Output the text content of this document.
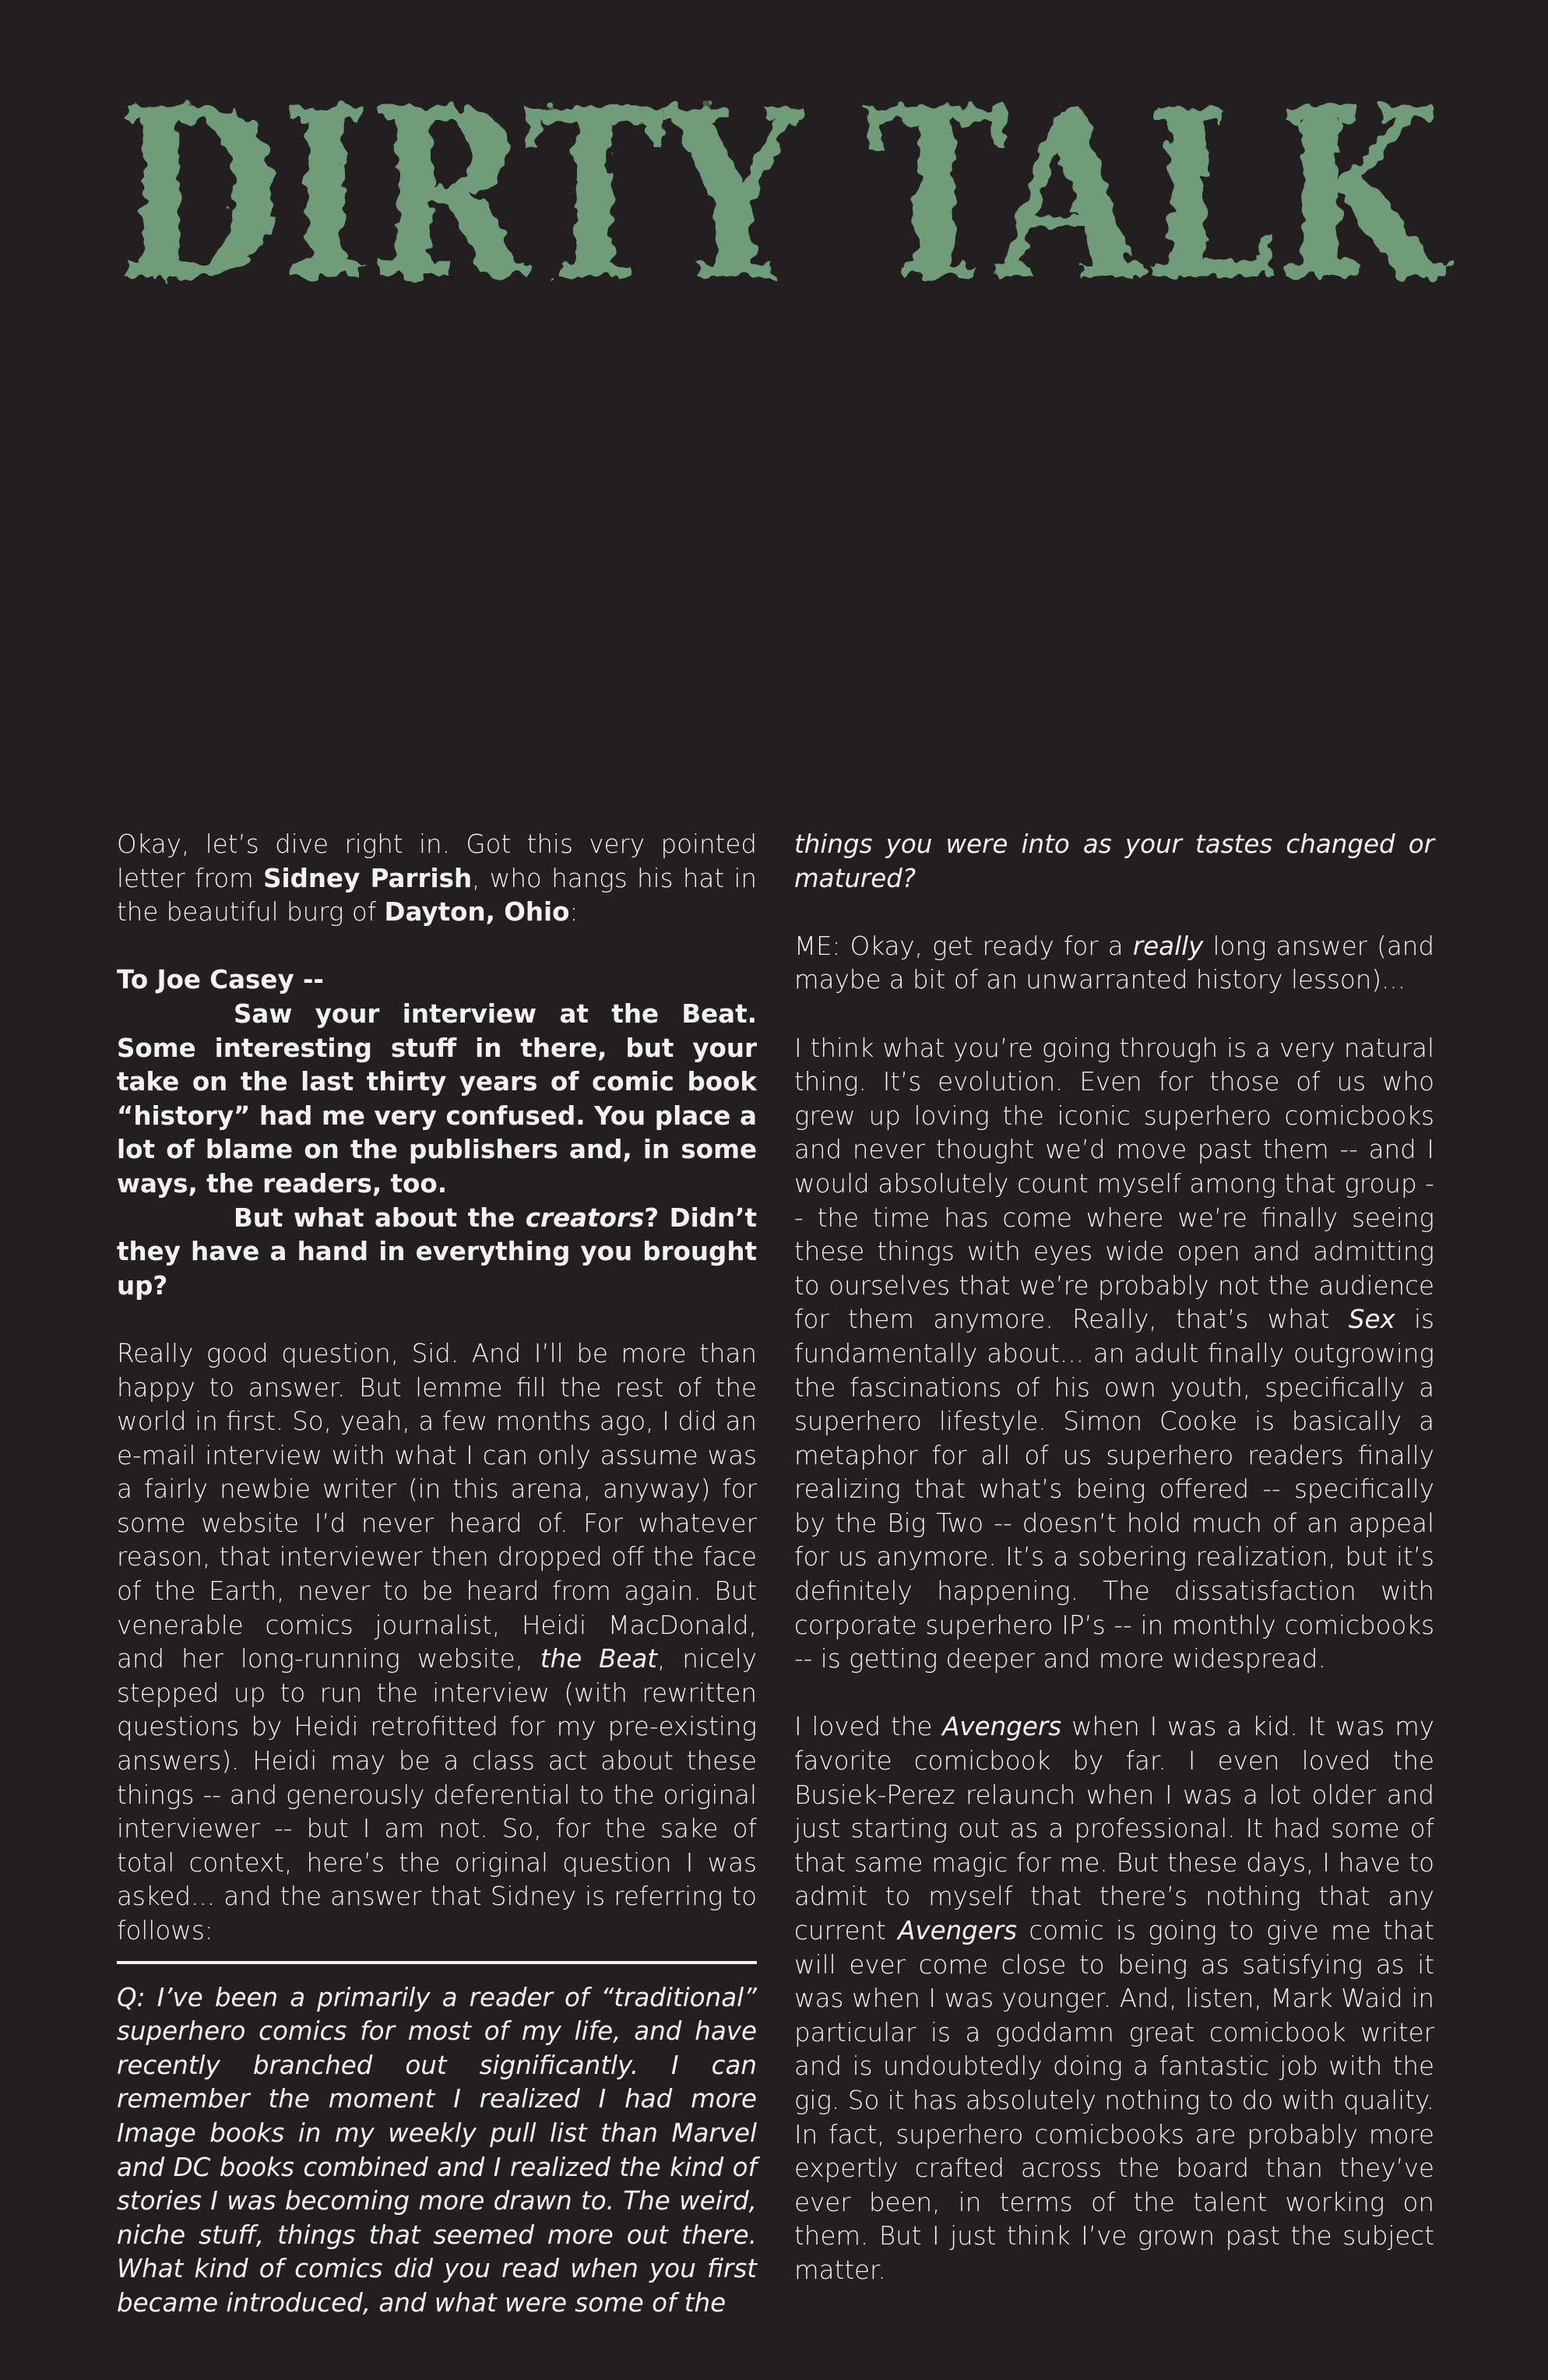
DIRTY TALK

Okay, let’s dive right in. Got this very pointed letter from Sidney Parrish, who hangs his hat in the beautiful burg of Dayton, Ohio:

To Joe Casey --

Saw your interview at the Beat. Some interesting stuff in there, but your take on the last thirty years of comic book “history” had me very confused. You place a lot of blame on the publishers and, in some ways, the readers, too.

But what about the creators? Didn’t they have a hand in everything you brought up?

Really good question, Sid. And I’ll be more than happy to answer. But lemme fill the rest of the world in first. So, yeah, a few months ago, I did an e-mail interview with what I can only assume was a fairly newbie writer (in this arena, anyway) for some website I’d never heard of. For whatever reason, that interviewer then dropped off the face of the Earth, never to be heard from again. But venerable comics journalist, Heidi MacDonald, and her long-running website, the Beat, nicely stepped up to run the interview (with rewritten questions by Heidi retrofitted for my pre-existing answers). Heidi may be a class act about these things -- and generously deferential to the original interviewer -- but I am not. So, for the sake of total context, here’s the original question I was asked... and the answer that Sidney is referring to follows:

Q: I’ve been a primarily a reader of “traditional” superhero comics for most of my life, and have recently branched out significantly. I can remember the moment I realized I had more Image books in my weekly pull list than Marvel and DC books combined and I realized the kind of stories I was becoming more drawn to. The weird, niche stuff, things that seemed more out there. What kind of comics did you read when you first became introduced, and what were some of the

things you were into as your tastes changed or matured?

ME: Okay, get ready for a really long answer (and maybe a bit of an unwarranted history lesson)...

I think what you’re going through is a very natural thing. It’s evolution. Even for those of us who grew up loving the iconic superhero comicbooks and never thought we’d move past them -- and I would absolutely count myself among that group -- the time has come where we’re finally seeing these things with eyes wide open and admitting to ourselves that we’re probably not the audience for them anymore. Really, that’s what Sex is fundamentally about... an adult finally outgrowing the fascinations of his own youth, specifically a superhero lifestyle. Simon Cooke is basically a metaphor for all of us superhero readers finally realizing that what’s being offered -- specifically by the Big Two -- doesn’t hold much of an appeal for us anymore. It’s a sobering realization, but it’s definitely happening. The dissatisfaction with corporate superhero IP’s -- in monthly comicbooks -- is getting deeper and more widespread.

I loved the Avengers when I was a kid. It was my favorite comicbook by far. I even loved the Busiek-Perez relaunch when I was a lot older and just starting out as a professional. It had some of that same magic for me. But these days, I have to admit to myself that there’s nothing that any current Avengers comic is going to give me that will ever come close to being as satisfying as it was when I was younger. And, listen, Mark Waid in particular is a goddamn great comicbook writer and is undoubtedly doing a fantastic job with the gig. So it has absolutely nothing to do with quality. In fact, superhero comicbooks are probably more expertly crafted across the board than they’ve ever been, in terms of the talent working on them. But I just think I’ve grown past the subject matter.
